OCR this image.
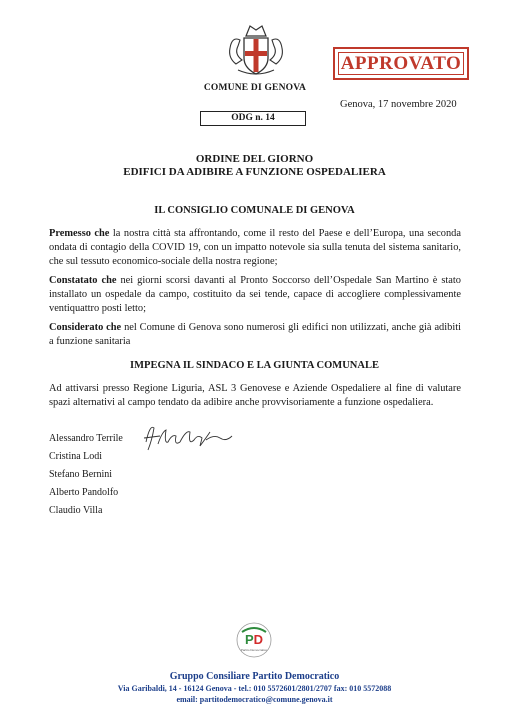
COMUNE DI GENOVA
APPROVATO
Genova, 17 novembre 2020
ODG n. 14
ORDINE DEL GIORNO
EDIFICI DA ADIBIRE A FUNZIONE OSPEDALIERA
IL CONSIGLIO COMUNALE DI GENOVA
Premesso che la nostra città sta affrontando, come il resto del Paese e dell’Europa, una seconda ondata di contagio della COVID 19, con un impatto notevole sia sulla tenuta del sistema sanitario, che sul tessuto economico-sociale della nostra regione;
Constatato che nei giorni scorsi davanti al Pronto Soccorso dell’Ospedale San Martino è stato installato un ospedale da campo, costituito da sei tende, capace di accogliere complessivamente ventiquattro posti letto;
Considerato che nel Comune di Genova sono numerosi gli edifici non utilizzati, anche già adibiti a funzione sanitaria
IMPEGNA IL SINDACO E LA GIUNTA COMUNALE
Ad attivarsi presso Regione Liguria, ASL 3 Genovese e Aziende Ospedaliere al fine di valutare spazi alternativi al campo tendato da adibire anche provvisoriamente a funzione ospedaliera.
Alessandro Terrile
Cristina Lodi
Stefano Bernini
Alberto Pandolfo
Claudio Villa
PD
Partito Democratico
Gruppo Consiliare Partito Democratico
Via Garibaldi, 14 - 16124 Genova - tel.: 010 5572601/2801/2707 fax: 010 5572088
email: partitodemocratico@comune.genova.it
